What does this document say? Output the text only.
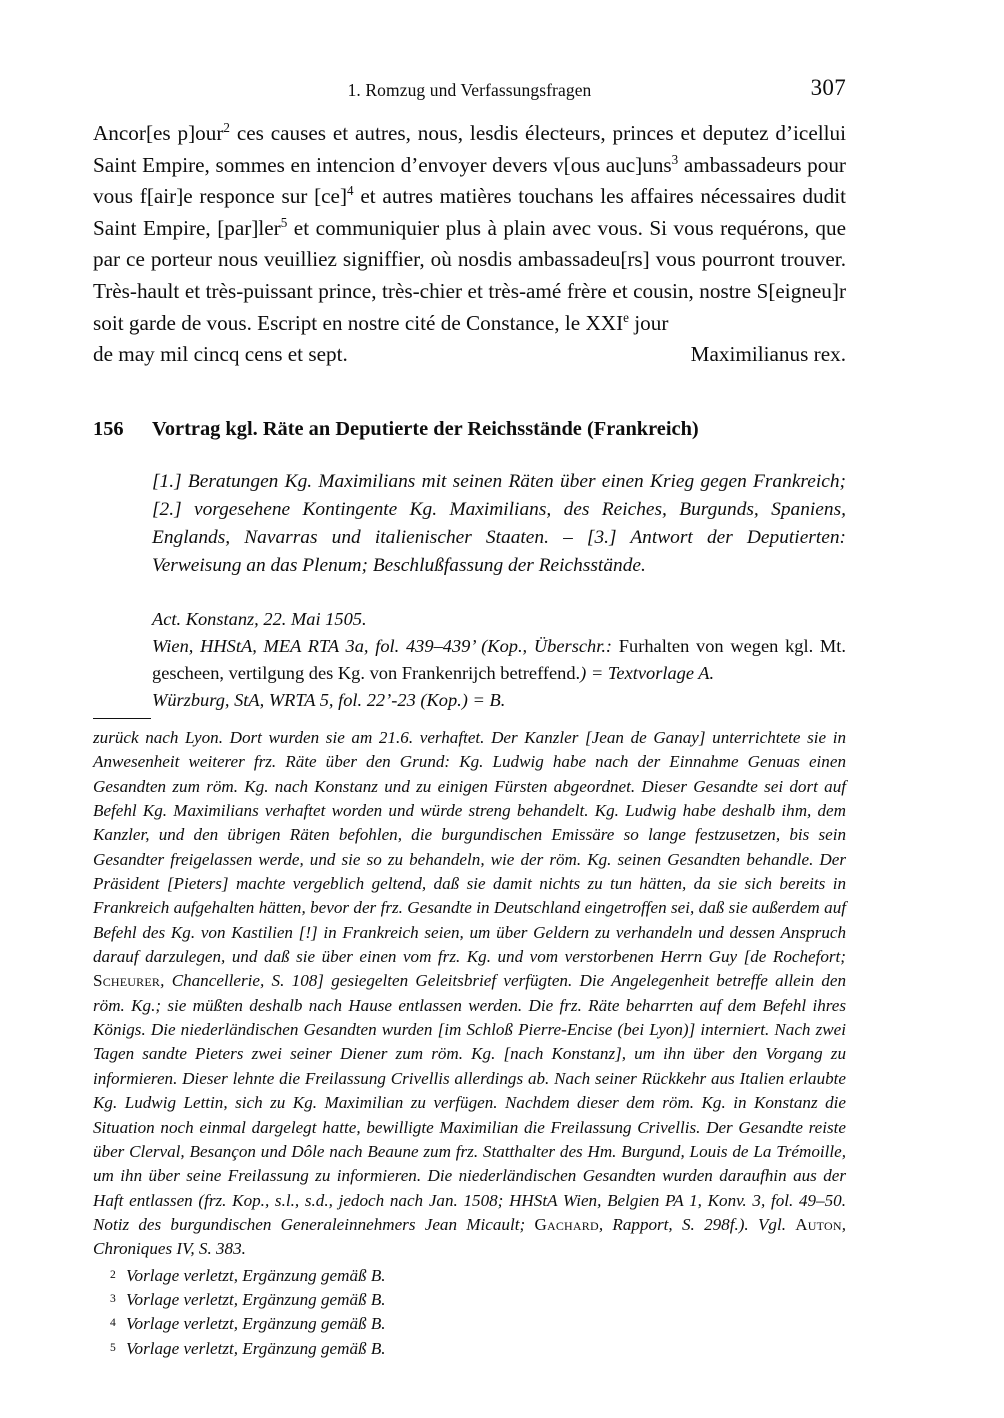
1. Romzug und Verfassungsfragen	307
Ancor[es p]our$^2$ ces causes et autres, nous, lesdis électeurs, princes et deputez d’icellui Saint Empire, sommes en intencion d’envoyer devers v[ous auc]uns$^3$ ambassadeurs pour vous f[air]e responce sur [ce]$^4$ et autres matières touchans les affaires nécessaires dudit Saint Empire, [par]ler$^5$ et communiquier plus à plain avec vous. Si vous requérons, que par ce porteur nous veuilliez signiffier, où nosdis ambassadeu[rs] vous pourront trouver. Très-hault et très-puissant prince, très-chier et très-amé frère et cousin, nostre S[eigneu]r soit garde de vous. Escript en nostre cité de Constance, le XXIe jour
de may mil cincq cens et sept.	Maximilianus rex.
156	Vortrag kgl. Räte an Deputierte der Reichsstände (Frankreich)
[1.] Beratungen Kg. Maximilians mit seinen Räten über einen Krieg gegen Frankreich; [2.] vorgesehene Kontingente Kg. Maximilians, des Reiches, Burgunds, Spaniens, Englands, Navarras und italienischer Staaten. – [3.] Antwort der Deputierten: Verweisung an das Plenum; Beschlußfassung der Reichsstände.
Act. Konstanz, 22. Mai 1505.
Wien, HHStA, MEA RTA 3a, fol. 439–439’ (Kop., Überschr.: Furhalten von wegen kgl. Mt. gescheen, vertilgung des Kg. von Frankenrijch betreffend.) = Textvorlage A.
Würzburg, StA, WRTA 5, fol. 22’-23 (Kop.) = B.
zurück nach Lyon. Dort wurden sie am 21.6. verhaftet. Der Kanzler [Jean de Ganay] unterrichtete sie in Anwesenheit weiterer frz. Räte über den Grund: Kg. Ludwig habe nach der Einnahme Genuas einen Gesandten zum röm. Kg. nach Konstanz und zu einigen Fürsten abgeordnet. Dieser Gesandte sei dort auf Befehl Kg. Maximilians verhaftet worden und würde streng behandelt. Kg. Ludwig habe deshalb ihm, dem Kanzler, und den übrigen Räten befohlen, die burgundischen Emissäre so lange festzusetzen, bis sein Gesandter freigelassen werde, und sie so zu behandeln, wie der röm. Kg. seinen Gesandten behandle. Der Präsident [Pieters] machte vergeblich geltend, daß sie damit nichts zu tun hätten, da sie sich bereits in Frankreich aufgehalten hätten, bevor der frz. Gesandte in Deutschland eingetroffen sei, daß sie außerdem auf Befehl des Kg. von Kastilien [!] in Frankreich seien, um über Geldern zu verhandeln und dessen Anspruch darauf darzulegen, und daß sie über einen vom frz. Kg. und vom verstorbenen Herrn Guy [de Rochefort; Scheurer, Chancellerie, S. 108] gesiegelten Geleitsbrief verfügten. Die Angelegenheit betreffe allein den röm. Kg.; sie müßten deshalb nach Hause entlassen werden. Die frz. Räte beharrten auf dem Befehl ihres Königs. Die niederländischen Gesandten wurden [im Schloß Pierre-Encise (bei Lyon)] interniert. Nach zwei Tagen sandte Pieters zwei seiner Diener zum röm. Kg. [nach Konstanz], um ihn über den Vorgang zu informieren. Dieser lehnte die Freilassung Crivellis allerdings ab. Nach seiner Rückkehr aus Italien erlaubte Kg. Ludwig Lettin, sich zu Kg. Maximilian zu verfügen. Nachdem dieser dem röm. Kg. in Konstanz die Situation noch einmal dargelegt hatte, bewilligte Maximilian die Freilassung Crivellis. Der Gesandte reiste über Clerval, Besançon und Dôle nach Beaune zum frz. Statthalter des Hm. Burgund, Louis de La Trémoille, um ihn über seine Freilassung zu informieren. Die niederländischen Gesandten wurden daraufhin aus der Haft entlassen (frz. Kop., s.l., s.d., jedoch nach Jan. 1508; HHStA Wien, Belgien PA 1, Konv. 3, fol. 49–50. Notiz des burgundischen Generaleinnehmers Jean Micault; Gachard, Rapport, S. 298f.). Vgl. Auton, Chroniques IV, S. 383.
2 Vorlage verletzt, Ergänzung gemäß B.
3 Vorlage verletzt, Ergänzung gemäß B.
4 Vorlage verletzt, Ergänzung gemäß B.
5 Vorlage verletzt, Ergänzung gemäß B.
